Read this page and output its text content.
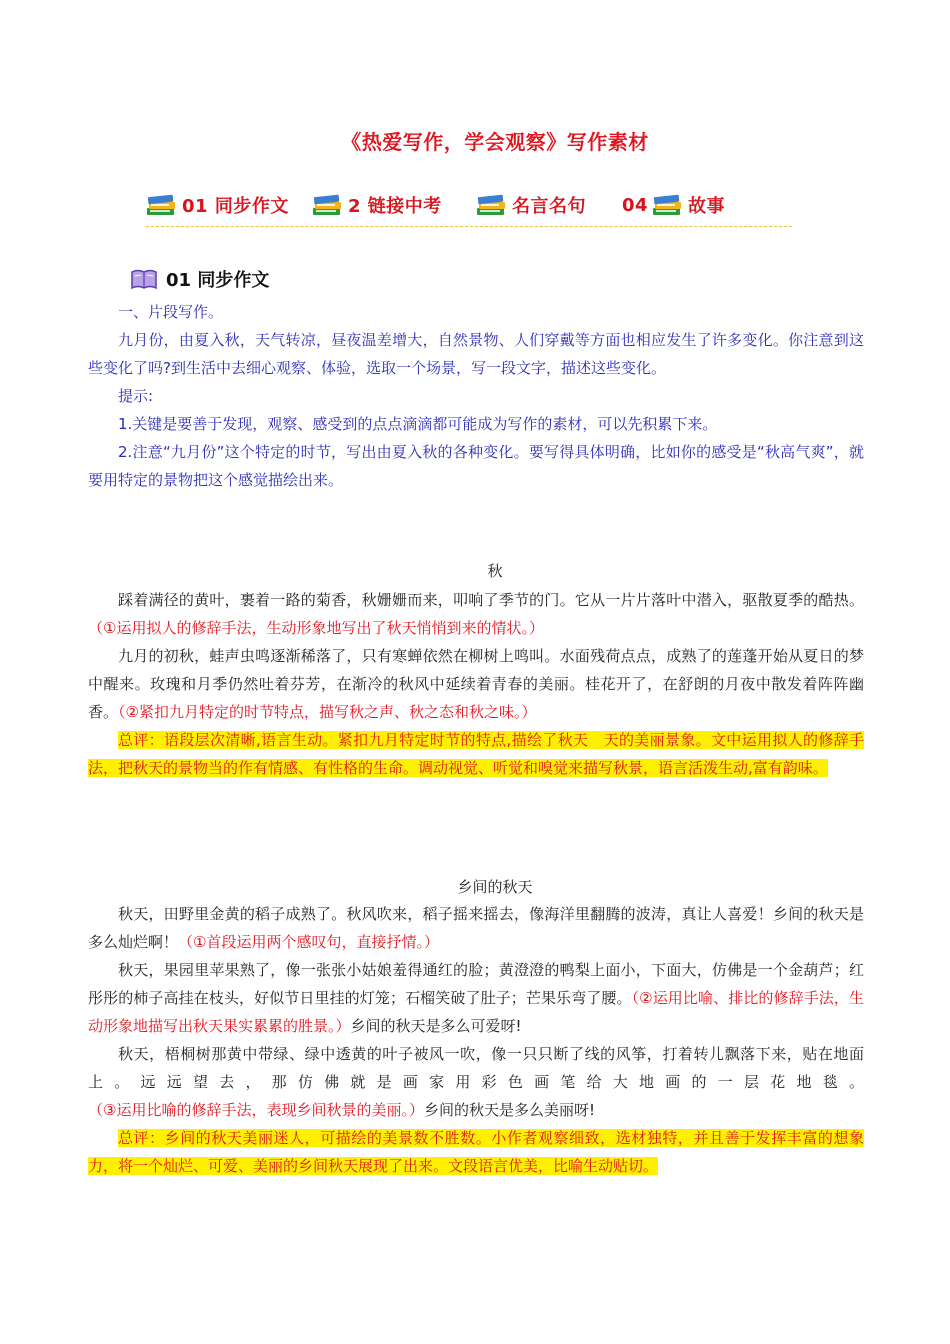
《热爱写作，学会观察》写作素材
01 同步作文	2 链接中考	名言名句 04 故事
01 同步作文

一、片段写作。

九月份，由夏入秋，天气转凉，昼夜温差增大，自然景物、人们穿戴等方面也相应发生了许多变化。你注意到这些变化了吗?到生活中去细心观察、体验，选取一个场景，写一段文字，描述这些变化。

提示:

1.关键是要善于发现，观察、感受到的点点滴滴都可能成为写作的素材，可以先积累下来。

2.注意“九月份”这个特定的时节，写出由夏入秋的各种变化。要写得具体明确，比如你的感受是“秋高气爽”，就要用特定的景物把这个感觉描绘出来。

秋

踩着满径的黄叶，裹着一路的菊香，秋姗姗而来，叩响了季节的门。它从一片片落叶中潜入，驱散夏季的酷热。（①运用拟人的修辞手法，生动形象地写出了秋天悄悄到来的情状。）

九月的初秋，蛙声虫鸣逐渐稀落了，只有寒蝉依然在柳树上鸣叫。水面残荷点点，成熟了的莲蓬开始从夏日的梦中醒来。玫瑰和月季仍然吐着芬芳，在渐冷的秋风中延续着青春的美丽。桂花开了，在舒朗的月夜中散发着阵阵幽香。（②紧扣九月特定的时节特点，描写秋之声、秋之态和秋之味。）

总评：语段层次清晰,语言生动。紧扣九月特定时节的特点,描绘了秋天　天的美丽景象。文中运用拟人的修辞手法，把秋天的景物当的作有情感、有性格的生命。调动视觉、听觉和嗅觉来描写秋景，语言活泼生动,富有韵味。

乡间的秋天

秋天，田野里金黄的稻子成熟了。秋风吹来，稻子摇来摇去，像海洋里翻腾的波涛，真让人喜爱！乡间的秋天是多么灿烂啊！（①首段运用两个感叹句，直接抒情。）

秋天，果园里苹果熟了，像一张张小姑娘羞得通红的脸；黄澄澄的鸭梨上面小，下面大，仿佛是一个金葫芦；红彤彤的柿子高挂在枝头，好似节日里挂的灯笼；石榴笑破了肚子；芒果乐弯了腰。（②运用比喻、排比的修辞手法，生动形象地描写出秋天果实累累的胜景。）乡间的秋天是多么可爱呀!

秋天，梧桐树那黄中带绿、绿中透黄的叶子被风一吹，像一只只断了线的风筝，打着转儿飘落下来，贴在地面上。远远望去，那仿佛就是画家用彩色画笔给大地画的一层花地毯。（③运用比喻的修辞手法，表现乡间秋景的美丽。）乡间的秋天是多么美丽呀!

总评：乡间的秋天美丽迷人，可描绘的美景数不胜数。小作者观察细致，选材独特，并且善于发挥丰富的想象力，将一个灿烂、可爱、美丽的乡间秋天展现了出来。文段语言优美，比喻生动贴切。
